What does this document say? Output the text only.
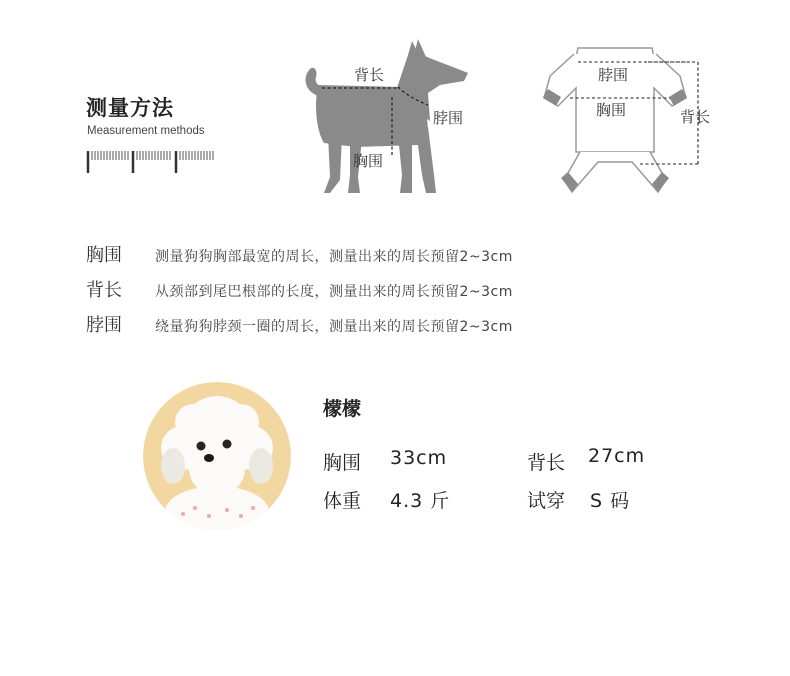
测量方法
Measurement methods
背长
脖围
胸围
脖围
胸围	背长
胸围 测量狗狗胸部最宽的周长，测量出来的周长预留2~3cm
背长 从颈部到尾巴根部的长度，测量出来的周长预留2~3cm
脖围 绕量狗狗脖颈一圈的周长，测量出来的周长预留2~3cm
檬檬
胸围 33cm	背长 27cm
体重 4.3 斤	试穿 S 码
